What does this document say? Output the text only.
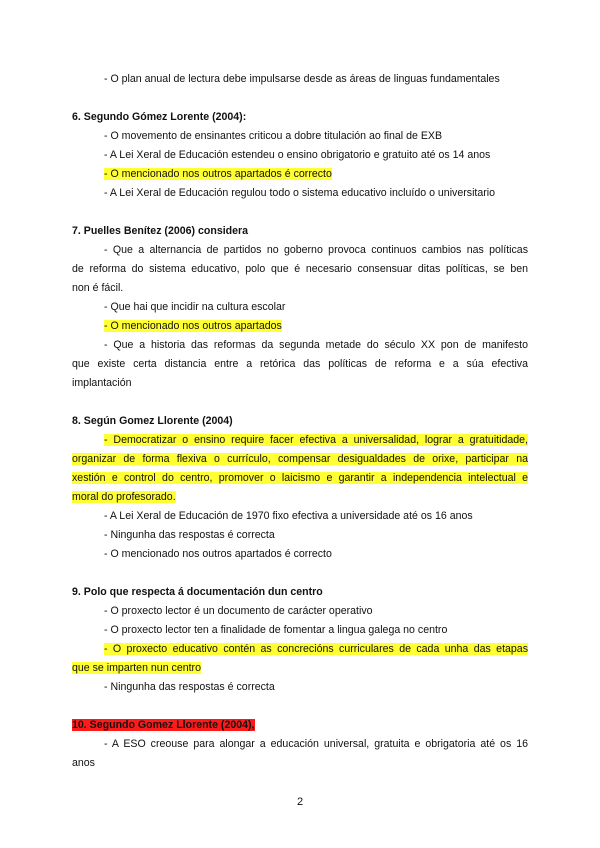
- O plan anual de lectura debe impulsarse desde as áreas de linguas fundamentales
6. Segundo Gómez Lorente (2004):
- O movemento de ensinantes criticou a dobre titulación ao final de EXB
- A Lei Xeral de Educación estendeu o ensino obrigatorio e gratuito até os 14 anos
- O mencionado nos outros apartados é correcto
- A Lei Xeral de Educación regulou todo o sistema educativo incluído o universitario
7. Puelles Benítez (2006) considera
- Que a alternancia de partidos no goberno provoca continuos cambios nas políticas
de reforma do sistema educativo, polo que é necesario consensuar ditas políticas, se ben
non é fácil.
- Que hai que incidir na cultura escolar
- O mencionado nos outros apartados
- Que a historia das reformas da segunda metade do século XX pon de manifesto
que existe certa distancia entre a retórica das políticas de reforma e a súa efectiva
implantación
8. Según Gomez Llorente (2004)
- Democratizar o ensino require facer efectiva a universalidad, lograr a gratuitidade,
organizar de forma flexiva o currículo, compensar desigualdades de orixe, participar na
xestión e control do centro, promover o laicismo e garantir a independencia intelectual e
moral do profesorado.
- A Lei Xeral de Educación de 1970 fixo efectiva a universidade até os 16 anos
- Ningunha das respostas é correcta
- O mencionado nos outros apartados é correcto
9. Polo que respecta á documentación dun centro
- O proxecto lector é un documento de carácter operativo
- O proxecto lector ten a finalidade de fomentar a lingua galega no centro
- O proxecto educativo contén as concrecións curriculares de cada unha das etapas
que se imparten nun centro
- Ningunha das respostas é correcta
10. Segundo Gomez Llorente (2004),
- A ESO creouse para alongar a educación universal, gratuita e obrigatoria até os 16
anos
2
